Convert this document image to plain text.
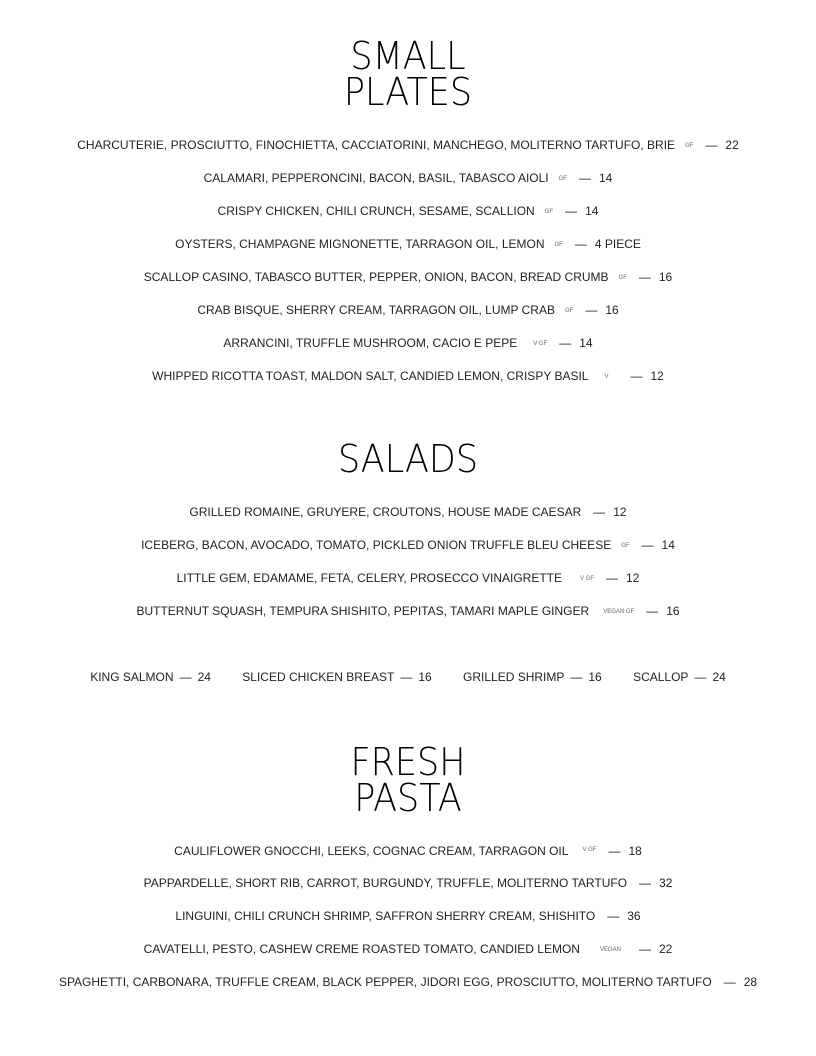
SMALL
PLATES
CHARCUTERIE, PROSCIUTTO, FINOCHIETTA, CACCIATORINI, MANCHEGO, MOLITERNO TARTUFO, BRIE GF — 22
CALAMARI, PEPPERONCINI, BACON, BASIL, TABASCO AIOLI GF — 14
CRISPY CHICKEN, CHILI CRUNCH, SESAME, SCALLION GF — 14
OYSTERS, CHAMPAGNE MIGNONETTE, TARRAGON OIL, LEMON GF — 4 PIECE
SCALLOP CASINO, TABASCO BUTTER, PEPPER, ONION, BACON, BREAD CRUMB GF — 16
CRAB BISQUE, SHERRY CREAM, TARRAGON OIL, LUMP CRAB GF — 16
ARRANCINI, TRUFFLE MUSHROOM, CACIO E PEPE	V GF — 14
WHIPPED RICOTTA TOAST, MALDON SALT, CANDIED LEMON, CRISPY BASIL	V — 12
SALADS
GRILLED ROMAINE, GRUYERE, CROUTONS, HOUSE MADE CAESAR — 12
ICEBERG, BACON, AVOCADO, TOMATO, PICKLED ONION TRUFFLE BLEU CHEESE GF — 14
LITTLE GEM, EDAMAME, FETA, CELERY, PROSECCO VINAIGRETTE	V GF — 12
BUTTERNUT SQUASH, TEMPURA SHISHITO, PEPITAS, TAMARI MAPLE GINGER VEGAN GF — 16
KING SALMON — 24	SLICED CHICKEN BREAST — 16	GRILLED SHRIMP — 16	SCALLOP — 24
FRESH
PASTA
CAULIFLOWER GNOCCHI, LEEKS, COGNAC CREAM, TARRAGON OIL $^{V GF}$ — 18
PAPPARDELLE, SHORT RIB, CARROT, BURGUNDY, TRUFFLE, MOLITERNO TARTUFO — 32
LINGUINI, CHILI CRUNCH SHRIMP, SAFFRON SHERRY CREAM, SHISHITO — 36
CAVATELLI, PESTO, CASHEW CREME ROASTED TOMATO, CANDIED LEMON	VEGAN — 22
SPAGHETTI, CARBONARA, TRUFFLE CREAM, BLACK PEPPER, JIDORI EGG, PROSCIUTTO, MOLITERNO TARTUFO — 28
